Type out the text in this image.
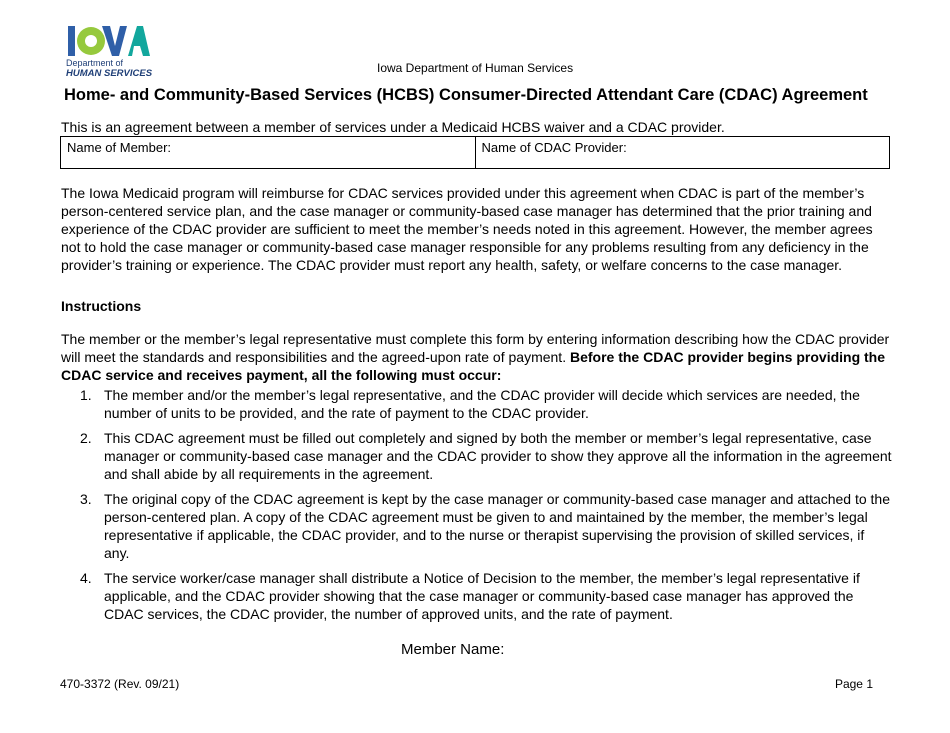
Department of
HUMAN SERVICES	Iowa Department of Human Services
Home- and Community-Based Services (HCBS) Consumer-Directed Attendant Care (CDAC) Agreement
This is an agreement between a member of services under a Medicaid HCBS waiver and a CDAC provider.
Name of Member:	Name of CDAC Provider:
The Iowa Medicaid program will reimburse for CDAC services provided under this agreement when CDAC is part of the member’s person-centered service plan, and the case manager or community-based case manager has determined that the prior training and experience of the CDAC provider are sufficient to meet the member’s needs noted in this agreement. However, the member agrees not to hold the case manager or community-based case manager responsible for any problems resulting from any deficiency in the provider’s training or experience. The CDAC provider must report any health, safety, or welfare concerns to the case manager.
Instructions
The member or the member’s legal representative must complete this form by entering information describing how the CDAC provider will meet the standards and responsibilities and the agreed-upon rate of payment. Before the CDAC provider begins providing the CDAC service and receives payment, all the following must occur:
1. The member and/or the member’s legal representative, and the CDAC provider will decide which services are needed, the number of units to be provided, and the rate of payment to the CDAC provider.
2. This CDAC agreement must be filled out completely and signed by both the member or member’s legal representative, case manager or community-based case manager and the CDAC provider to show they approve all the information in the agreement and shall abide by all requirements in the agreement.
3. The original copy of the CDAC agreement is kept by the case manager or community-based case manager and attached to the person-centered plan. A copy of the CDAC agreement must be given to and maintained by the member, the member’s legal representative if applicable, the CDAC provider, and to the nurse or therapist supervising the provision of skilled services, if any.
4. The service worker/case manager shall distribute a Notice of Decision to the member, the member’s legal representative if applicable, and the CDAC provider showing that the case manager or community-based case manager has approved the CDAC services, the CDAC provider, the number of approved units, and the rate of payment.
Member Name:
470-3372 (Rev. 09/21)	Page 1
